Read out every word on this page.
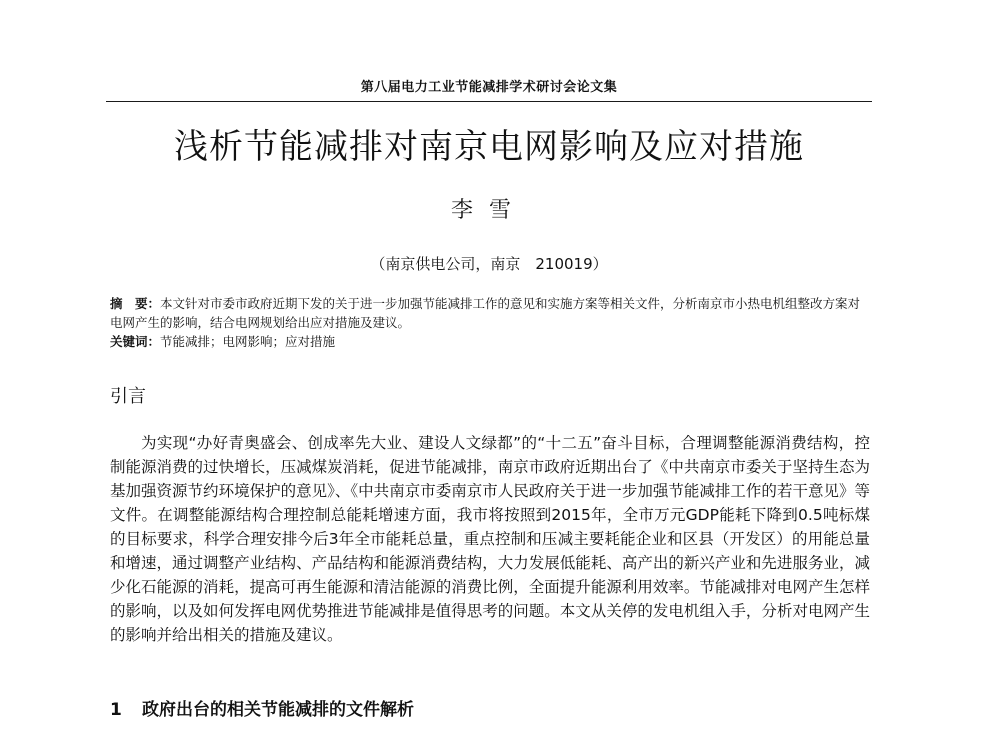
第八届电力工业节能减排学术研讨会论文集
浅析节能减排对南京电网影响及应对措施
李雪
（南京供电公司，南京　210019）
摘　要：本文针对市委市政府近期下发的关于进一步加强节能减排工作的意见和实施方案等相关文件，分析南京市小热电机组整改方案对电网产生的影响，结合电网规划给出应对措施及建议。
关键词：节能减排；电网影响；应对措施
引言

为实现“办好青奥盛会、创成率先大业、建设人文绿都”的“十二五”奋斗目标，合理调整能源消费结构，控制能源消费的过快增长，压减煤炭消耗，促进节能减排，南京市政府近期出台了《中共南京市委关于坚持生态为基加强资源节约环境保护的意见》、《中共南京市委南京市人民政府关于进一步加强节能减排工作的若干意见》等文件。在调整能源结构合理控制总能耗增速方面，我市将按照到2015年，全市万元GDP能耗下降到0.5吨标煤的目标要求，科学合理安排今后3年全市能耗总量，重点控制和压减主要耗能企业和区县（开发区）的用能总量和增速，通过调整产业结构、产品结构和能源消费结构，大力发展低能耗、高产出的新兴产业和先进服务业，减少化石能源的消耗，提高可再生能源和清洁能源的消费比例，全面提升能源利用效率。节能减排对电网产生怎样的影响，以及如何发挥电网优势推进节能减排是值得思考的问题。本文从关停的发电机组入手，分析对电网产生的影响并给出相关的措施及建议。

1 政府出台的相关节能减排的文件解析
